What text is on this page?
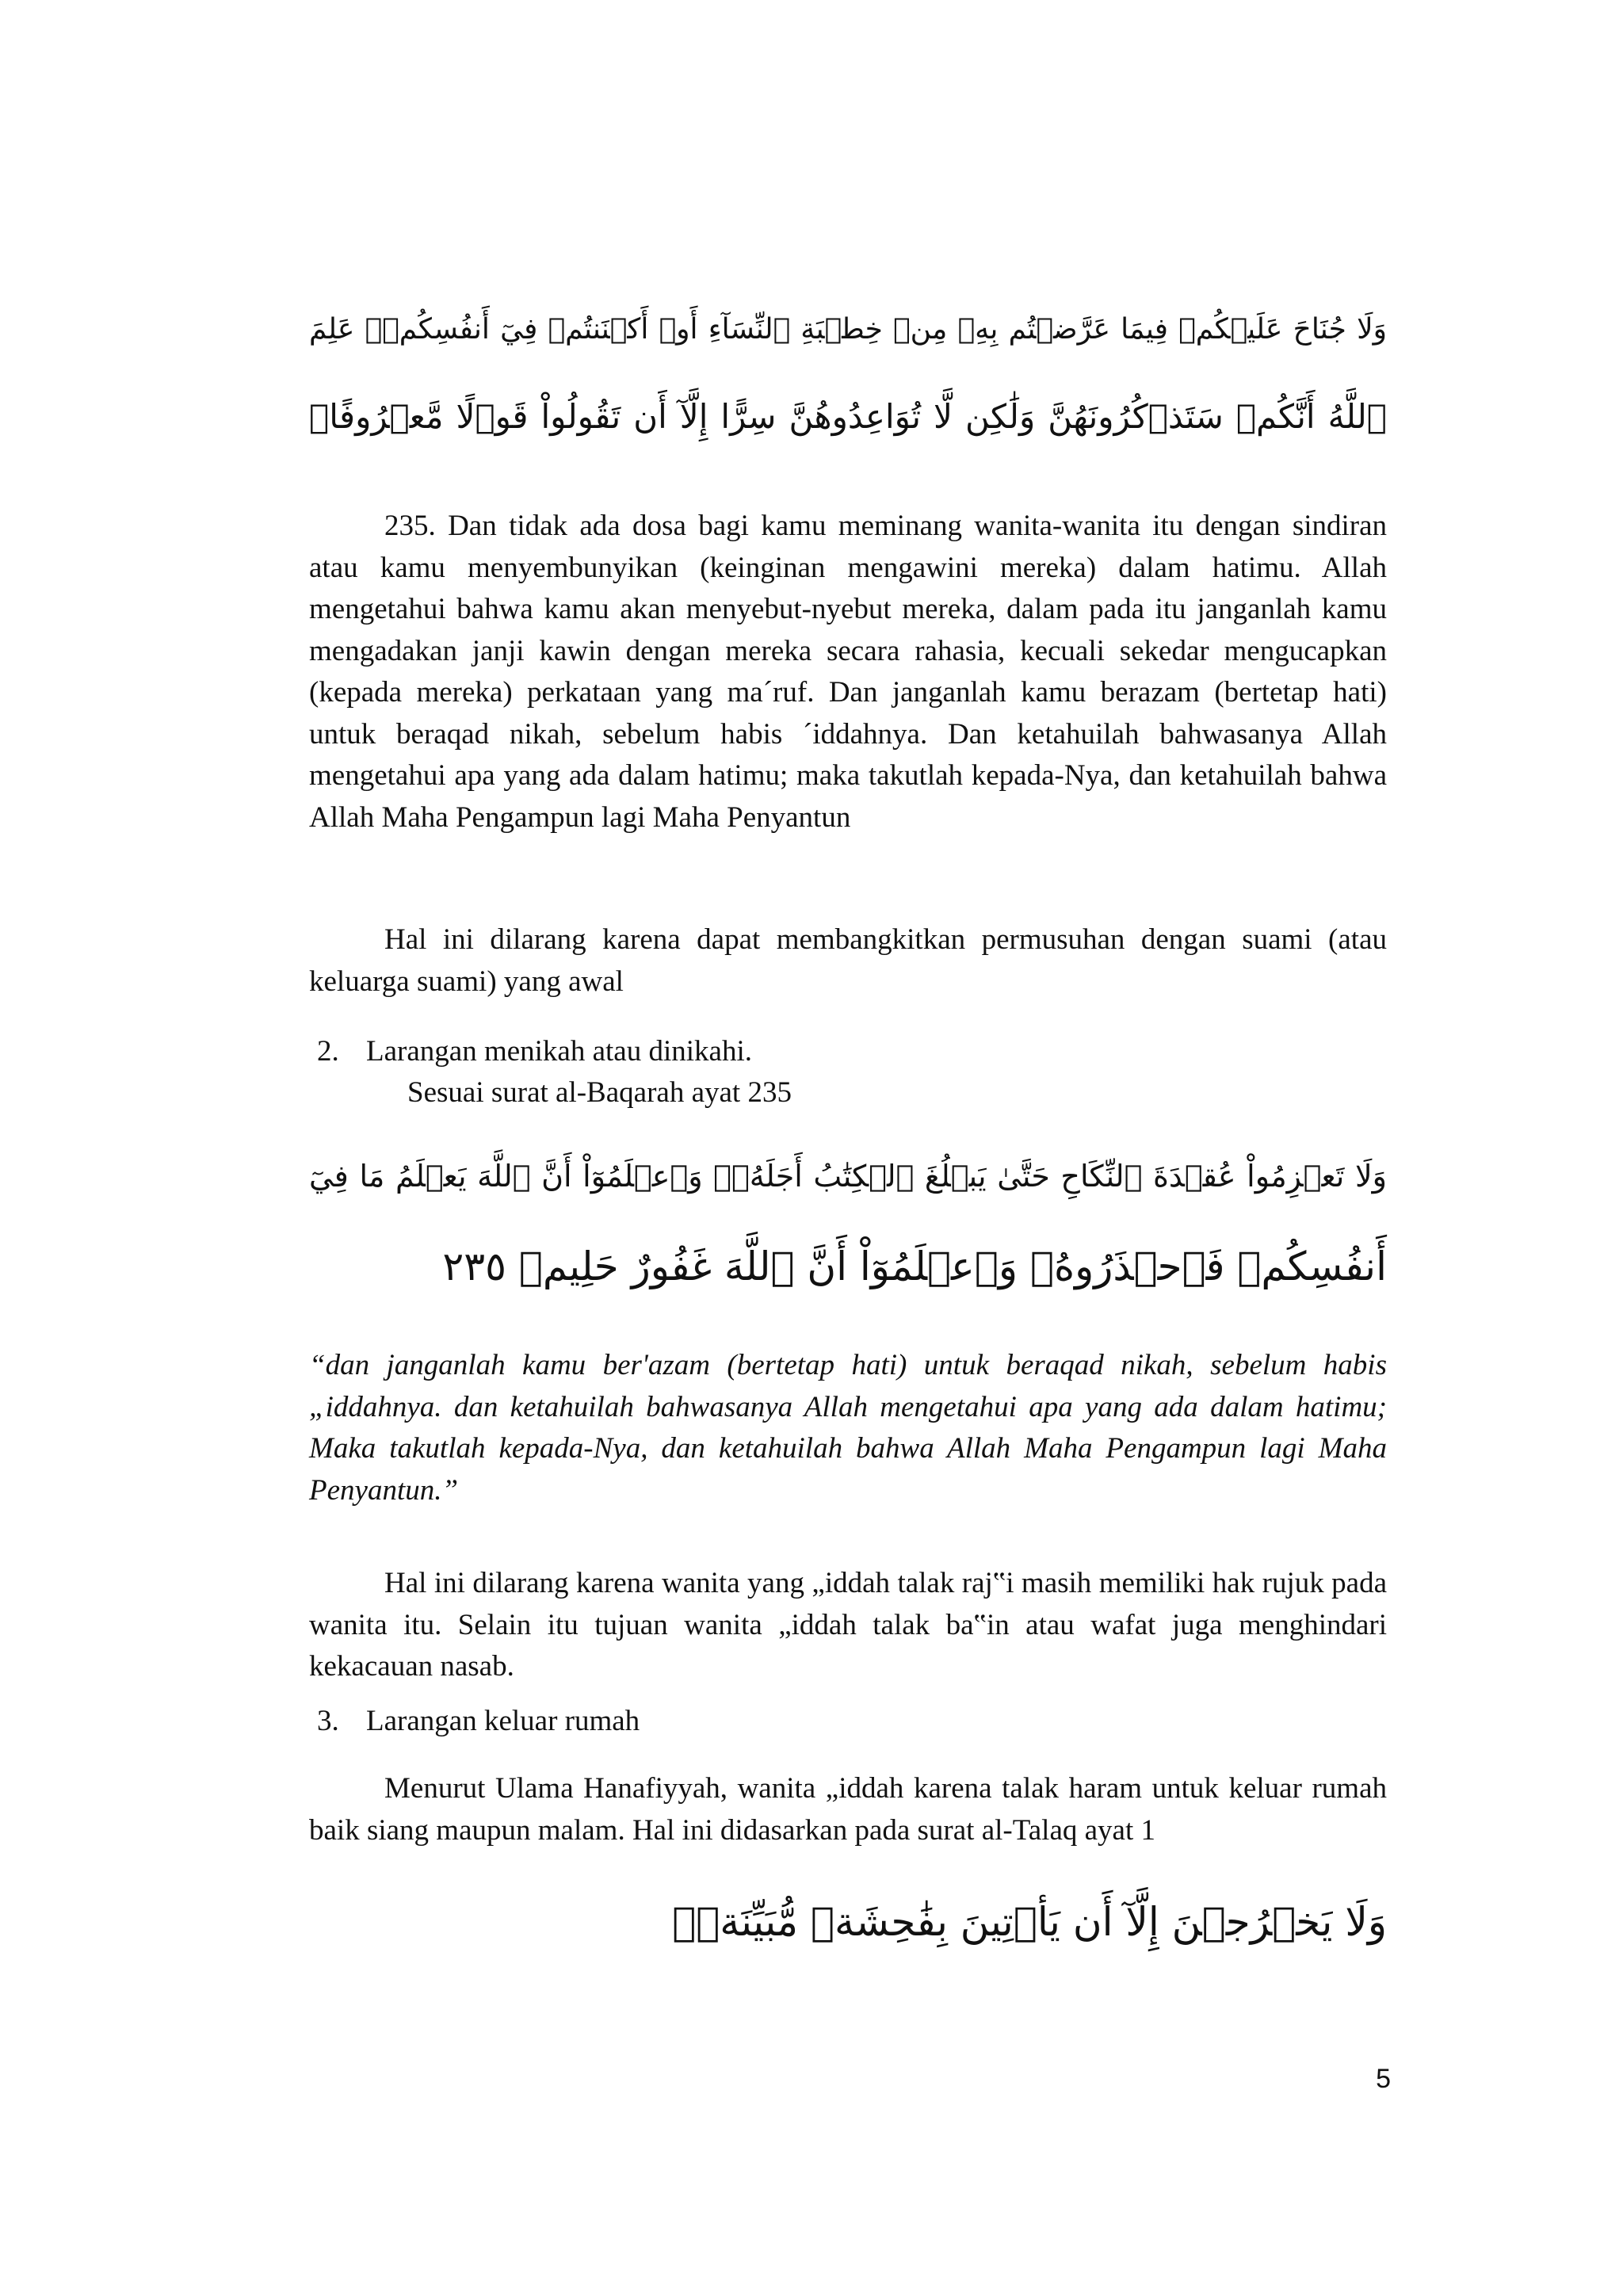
وَلَا جُنَاحَ عَلَيۡكُمۡ فِيمَا عَرَّضۡتُم بِهِۦ مِنۡ خِطۡبَةِ ٱلنِّسَآءِ أَوۡ أَكۡنَنتُمۡ فِيٓ أَنفُسِكُمۡۚ عَلِمَ
ٱللَّهُ أَنَّكُمۡ سَتَذۡكُرُونَهُنَّ وَلَٰكِن لَّا تُوَاعِدُوهُنَّ سِرًّا إِلَّآ أَن تَقُولُواْ قَوۡلًا مَّعۡرُوفًاۚ
235. Dan tidak ada dosa bagi kamu meminang wanita-wanita itu dengan sindiran atau kamu menyembunyikan (keinginan mengawini mereka) dalam hatimu. Allah mengetahui bahwa kamu akan menyebut-nyebut mereka, dalam pada itu janganlah kamu mengadakan janji kawin dengan mereka secara rahasia, kecuali sekedar mengucapkan (kepada mereka) perkataan yang ma´ruf. Dan janganlah kamu berazam (bertetap hati) untuk beraqad nikah, sebelum habis ´iddahnya. Dan ketahuilah bahwasanya Allah mengetahui apa yang ada dalam hatimu; maka takutlah kepada-Nya, dan ketahuilah bahwa Allah Maha Pengampun lagi Maha Penyantun
Hal ini dilarang karena dapat membangkitkan permusuhan dengan suami (atau keluarga suami) yang awal
2. Larangan menikah atau dinikahi.
Sesuai surat al-Baqarah ayat 235
وَلَا تَعۡزِمُواْ عُقۡدَةَ ٱلنِّكَاحِ حَتَّىٰ يَبۡلُغَ ٱلۡكِتَٰبُ أَجَلَهُۥۚ وَٱعۡلَمُوٓاْ أَنَّ ٱللَّهَ يَعۡلَمُ مَا فِيٓ
أَنفُسِكُمۡ فَٱحۡذَرُوهُۚ وَٱعۡلَمُوٓاْ أَنَّ ٱللَّهَ غَفُورٌ حَلِيمٞ ٢٣٥
“dan janganlah kamu ber'azam (bertetap hati) untuk beraqad nikah, sebelum habis „iddahnya. dan ketahuilah bahwasanya Allah mengetahui apa yang ada dalam hatimu; Maka takutlah kepada-Nya, dan ketahuilah bahwa Allah Maha Pengampun lagi Maha Penyantun.”
Hal ini dilarang karena wanita yang „iddah talak raj‟i masih memiliki hak rujuk pada wanita itu. Selain itu tujuan wanita „iddah talak ba‟in atau wafat juga menghindari kekacauan nasab.
3. Larangan keluar rumah
Menurut Ulama Hanafiyyah, wanita „iddah karena talak haram untuk keluar rumah baik siang maupun malam. Hal ini didasarkan pada surat al-Talaq ayat 1
وَلَا يَخۡرُجۡنَ إِلَّآ أَن يَأۡتِينَ بِفَٰحِشَةٖ مُّبَيِّنَةٖۚ
5
